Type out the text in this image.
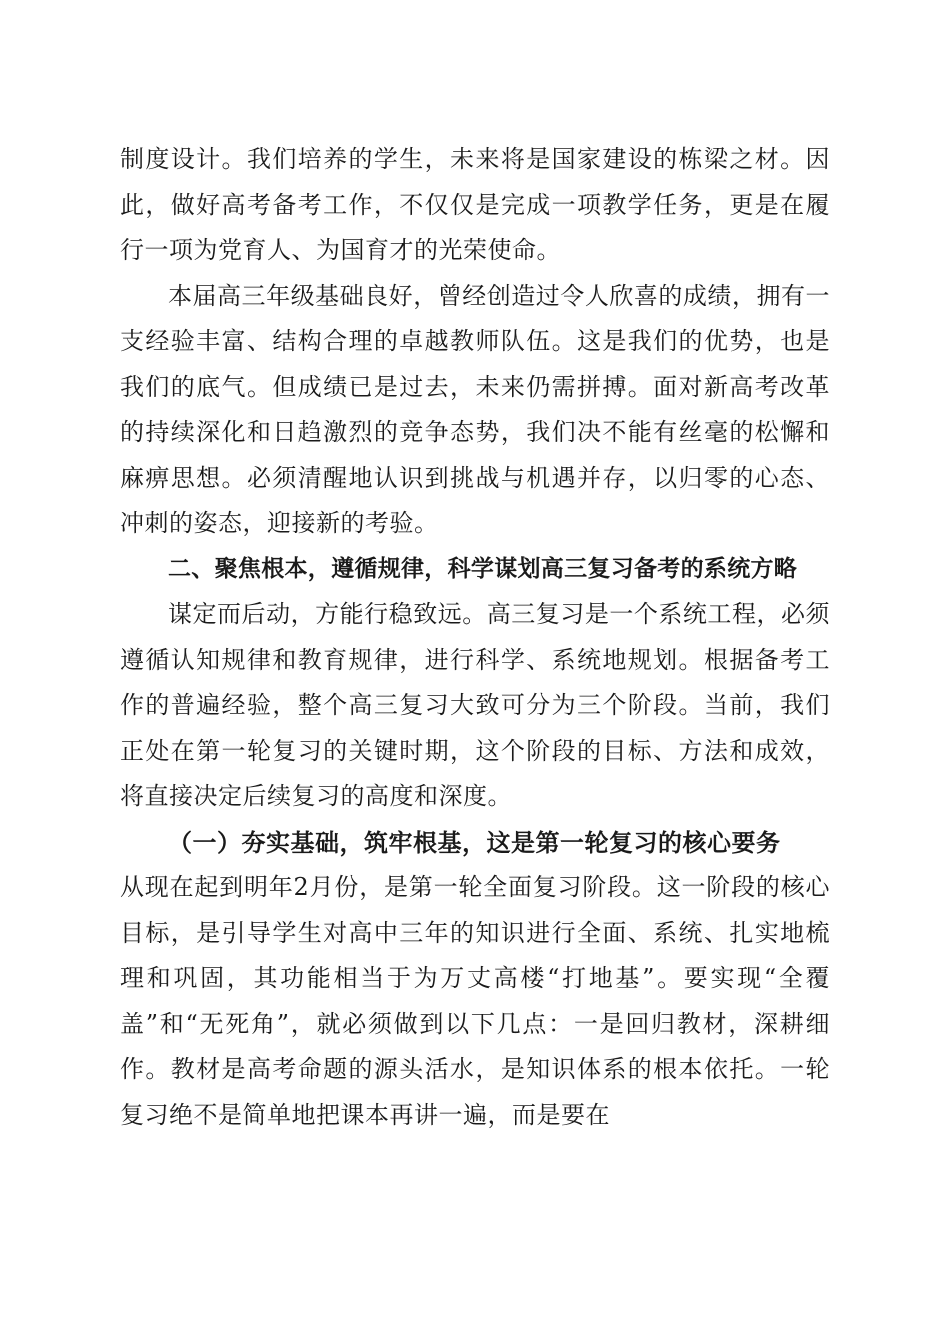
制度设计。我们培养的学生，未来将是国家建设的栋梁之材。因此，做好高考备考工作，不仅仅是完成一项教学任务，更是在履行一项为党育人、为国育才的光荣使命。

本届高三年级基础良好，曾经创造过令人欣喜的成绩，拥有一支经验丰富、结构合理的卓越教师队伍。这是我们的优势，也是我们的底气。但成绩已是过去，未来仍需拼搏。面对新高考改革的持续深化和日趋激烈的竞争态势，我们决不能有丝毫的松懈和麻痹思想。必须清醒地认识到挑战与机遇并存，以归零的心态、冲刺的姿态，迎接新的考验。

二、聚焦根本，遵循规律，科学谋划高三复习备考的系统方略

谋定而后动，方能行稳致远。高三复习是一个系统工程，必须遵循认知规律和教育规律，进行科学、系统地规划。根据备考工作的普遍经验，整个高三复习大致可分为三个阶段。当前，我们正处在第一轮复习的关键时期，这个阶段的目标、方法和成效，将直接决定后续复习的高度和深度。

（一）夯实基础，筑牢根基，这是第一轮复习的核心要务

从现在起到明年2月份，是第一轮全面复习阶段。这一阶段的核心目标，是引导学生对高中三年的知识进行全面、系统、扎实地梳理和巩固，其功能相当于为万丈高楼“打地基”。要实现“全覆盖”和“无死角”，就必须做到以下几点：一是回归教材，深耕细作。教材是高考命题的源头活水，是知识体系的根本依托。一轮复习绝不是简单地把课本再讲一遍，而是要在
